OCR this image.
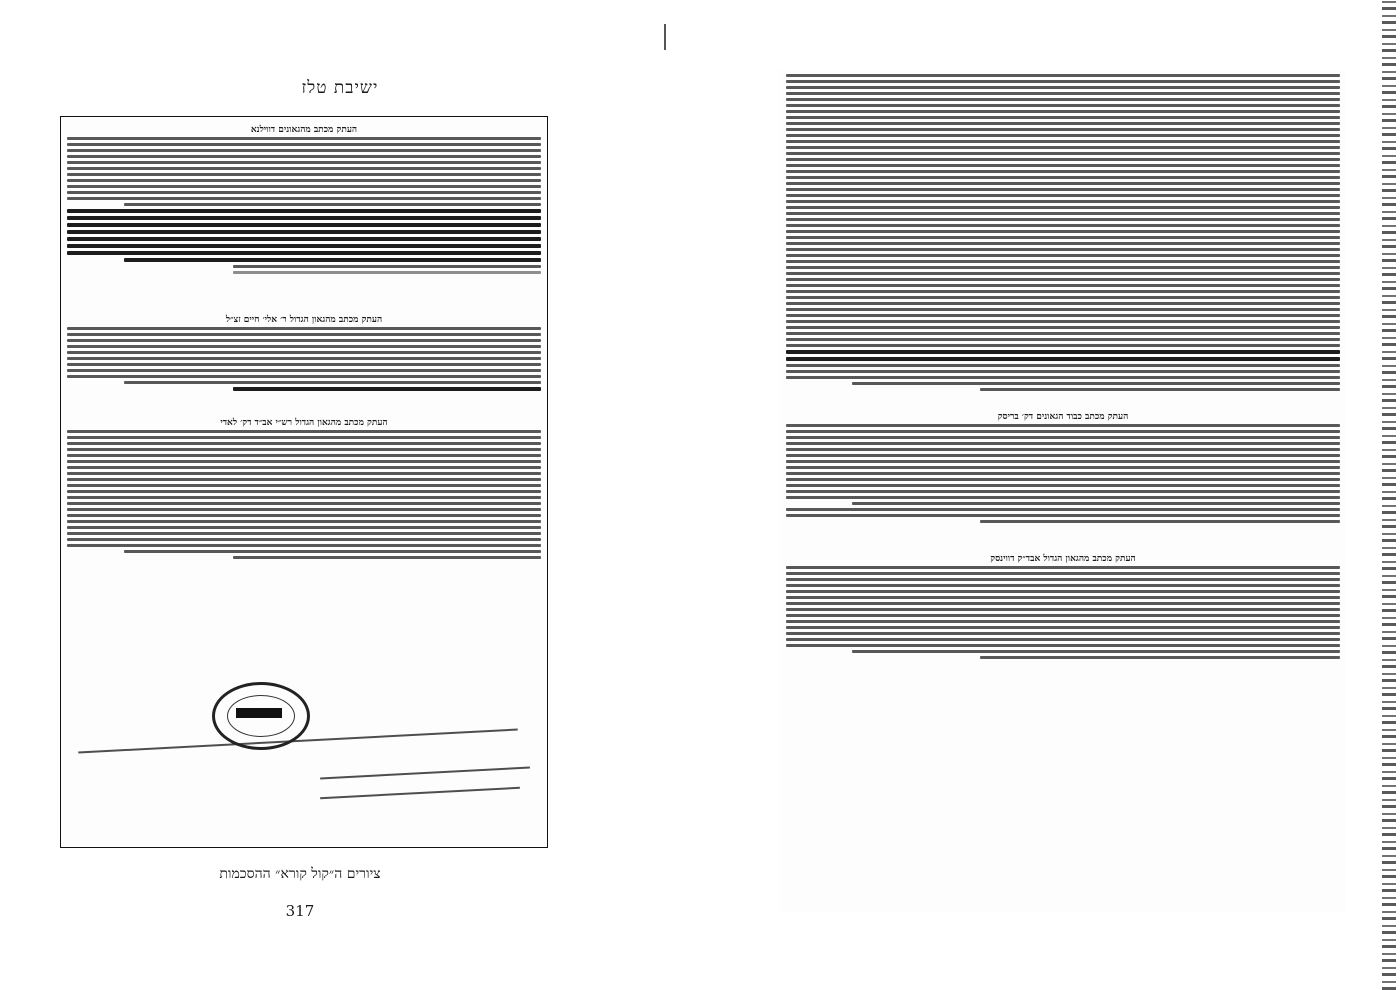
ישיבת טלז
העתק מכתב מהגאונים דווילנא
העתק מכתב מהגאון הגדול ר׳ אלי׳ חיים זצ״ל
העתק מכתב מהגאון הגדול רש״י אב״ד דק׳ לאדי
ציורים ה״קול קורא״ ההסכמות
317
העתק מכתב כבוד הגאונים דק׳ בריסק
העתק מכתב מהגאון הגדול אבד״ק דווינסק
